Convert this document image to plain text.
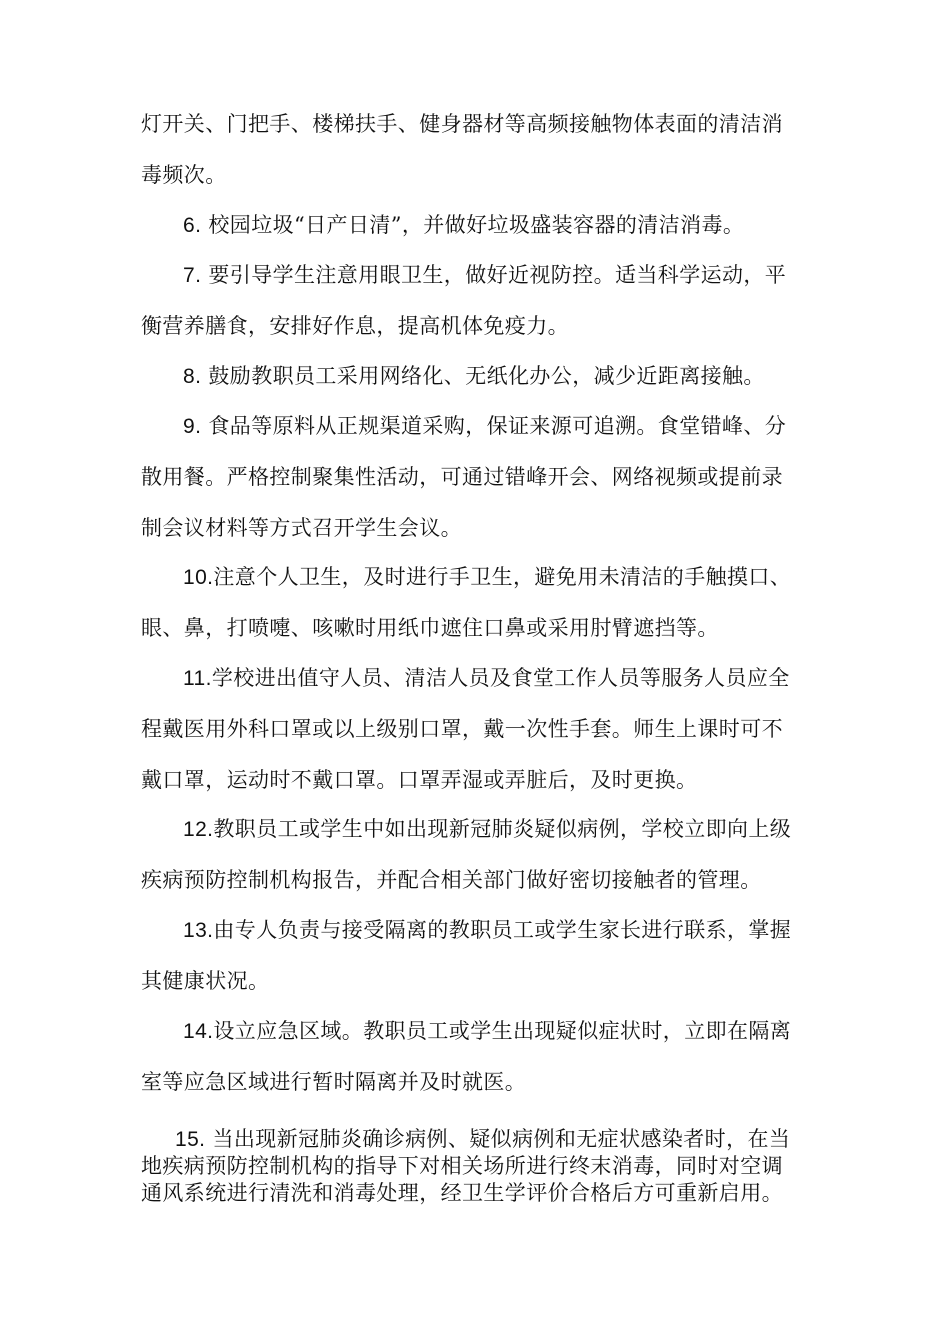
灯开关、门把手、楼梯扶手、健身器材等高频接触物体表面的清洁消
毒频次。

6. 校园垃圾“日产日清”，并做好垃圾盛装容器的清洁消毒。

7. 要引导学生注意用眼卫生，做好近视防控。适当科学运动，平
衡营养膳食，安排好作息，提高机体免疫力。

8. 鼓励教职员工采用网络化、无纸化办公，减少近距离接触。

9. 食品等原料从正规渠道采购，保证来源可追溯。食堂错峰、分
散用餐。严格控制聚集性活动，可通过错峰开会、网络视频或提前录
制会议材料等方式召开学生会议。

10.注意个人卫生，及时进行手卫生，避免用未清洁的手触摸口、
眼、鼻，打喷嚏、咳嗽时用纸巾遮住口鼻或采用肘臂遮挡等。

11.学校进出值守人员、清洁人员及食堂工作人员等服务人员应全
程戴医用外科口罩或以上级别口罩，戴一次性手套。师生上课时可不
戴口罩，运动时不戴口罩。口罩弄湿或弄脏后，及时更换。

12.教职员工或学生中如出现新冠肺炎疑似病例，学校立即向上级
疾病预防控制机构报告，并配合相关部门做好密切接触者的管理。

13.由专人负责与接受隔离的教职员工或学生家长进行联系，掌握
其健康状况。

14.设立应急区域。教职员工或学生出现疑似症状时，立即在隔离
室等应急区域进行暂时隔离并及时就医。

15. 当出现新冠肺炎确诊病例、疑似病例和无症状感染者时，在当
地疾病预防控制机构的指导下对相关场所进行终末消毒，同时对空调
通风系统进行清洗和消毒处理，经卫生学评价合格后方可重新启用。
